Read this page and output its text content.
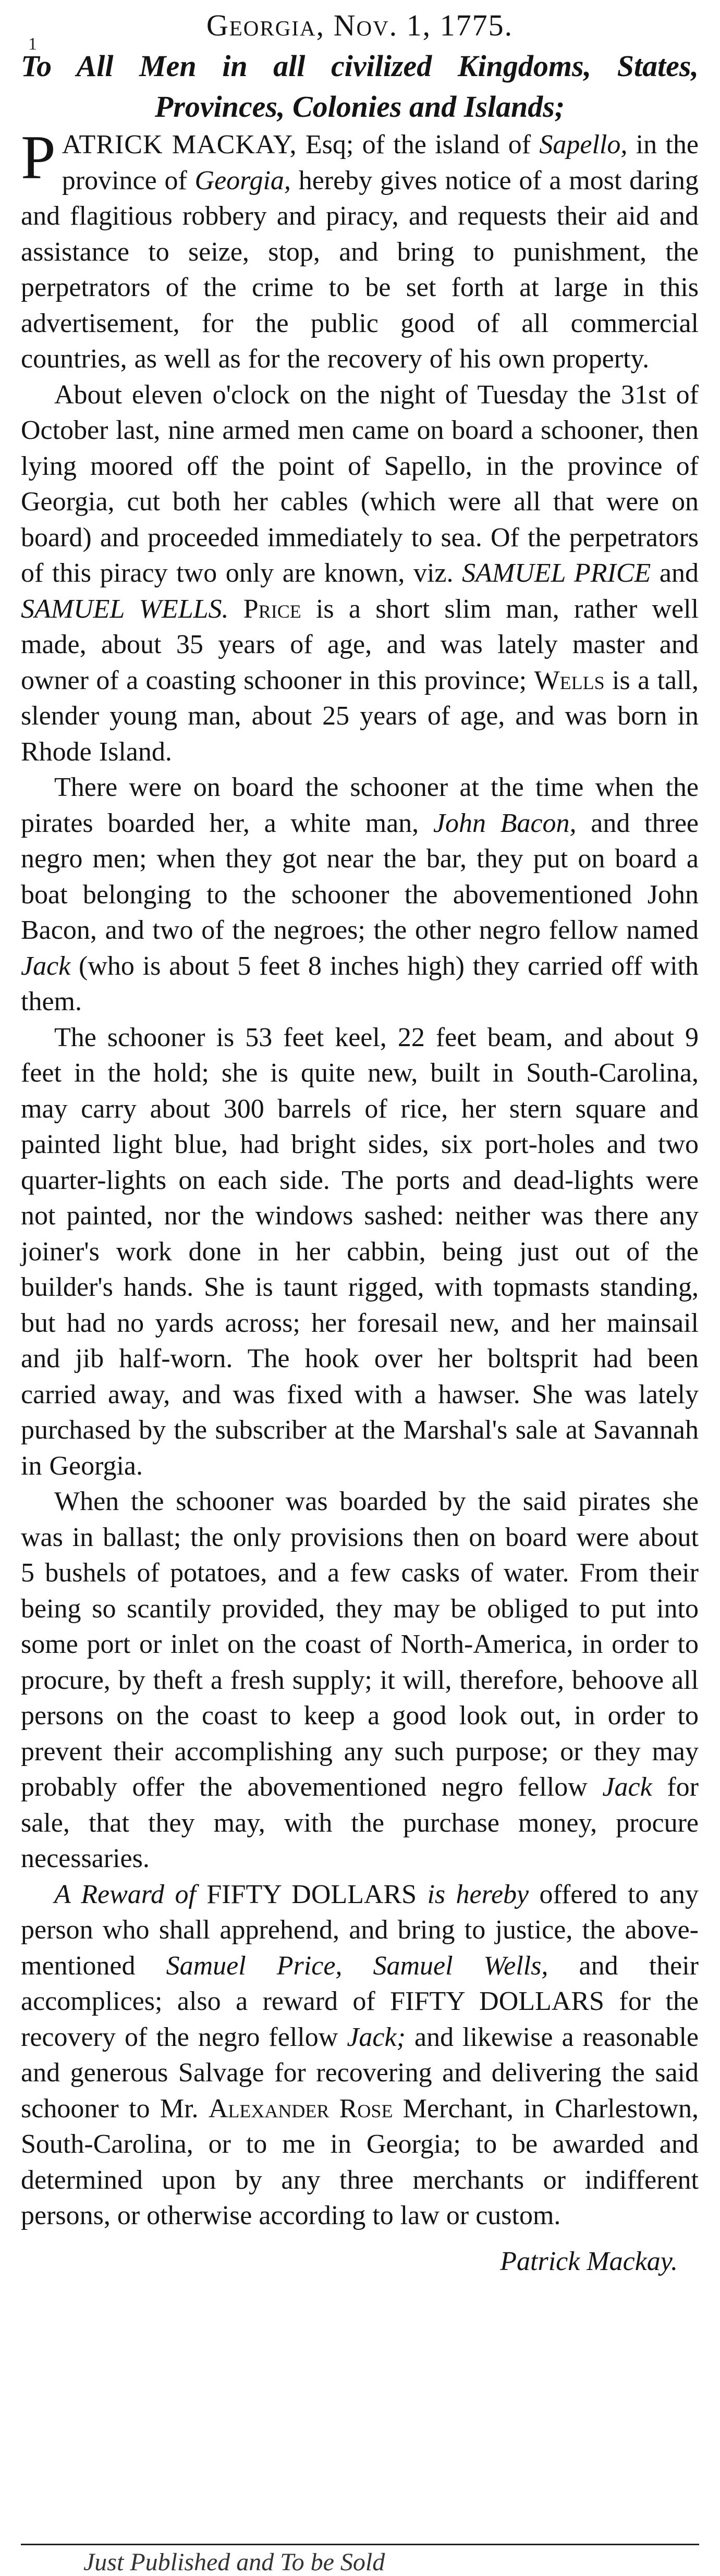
1

Georgia, Nov. 1, 1775.

To All Men in all civilized Kingdoms, States, Provinces, Colonies and Islands;

PATRICK MACKAY, Esq; of the island of Sapello, in the province of Georgia, hereby gives notice of a most daring and flagitious robbery and piracy, and requests their aid and assistance to seize, stop, and bring to punishment, the perpetrators of the crime to be set forth at large in this advertisement, for the public good of all commercial countries, as well as for the recovery of his own property.

About eleven o'clock on the night of Tuesday the 31st of October last, nine armed men came on board a schooner, then lying moored off the point of Sapello, in the province of Georgia, cut both her cables (which were all that were on board) and proceeded immediately to sea. Of the perpetrators of this piracy two only are known, viz. SAMUEL PRICE and SAMUEL WELLS. Price is a short slim man, rather well made, about 35 years of age, and was lately master and owner of a coasting schooner in this province; Wells is a tall, slender young man, about 25 years of age, and was born in Rhode Island.

There were on board the schooner at the time when the pirates boarded her, a white man, John Bacon, and three negro men; when they got near the bar, they put on board a boat belonging to the schooner the abovementioned John Bacon, and two of the negroes; the other negro fellow named Jack (who is about 5 feet 8 inches high) they carried off with them.

The schooner is 53 feet keel, 22 feet beam, and about 9 feet in the hold; she is quite new, built in South-Carolina, may carry about 300 barrels of rice, her stern square and painted light blue, had bright sides, six port-holes and two quarter-lights on each side. The ports and dead-lights were not painted, nor the windows sashed: neither was there any joiner's work done in her cabbin, being just out of the builder's hands. She is taunt rigged, with topmasts standing, but had no yards across; her foresail new, and her mainsail and jib half-worn. The hook over her boltsprit had been carried away, and was fixed with a hawser. She was lately purchased by the subscriber at the Marshal's sale at Savannah in Georgia.

When the schooner was boarded by the said pirates she was in ballast; the only provisions then on board were about 5 bushels of potatoes, and a few casks of water. From their being so scantily provided, they may be obliged to put into some port or inlet on the coast of North-America, in order to procure, by theft a fresh supply; it will, therefore, behoove all persons on the coast to keep a good look out, in order to prevent their accomplishing any such purpose; or they may probably offer the abovementioned negro fellow Jack for sale, that they may, with the purchase money, procure necessaries.

A Reward of FIFTY DOLLARS is hereby offered to any person who shall apprehend, and bring to justice, the above-mentioned Samuel Price, Samuel Wells, and their accomplices; also a reward of FIFTY DOLLARS for the recovery of the negro fellow Jack; and likewise a reasonable and generous Salvage for recovering and delivering the said schooner to Mr. Alexander Rose Merchant, in Charlestown, South-Carolina, or to me in Georgia; to be awarded and determined upon by any three merchants or indifferent persons, or otherwise according to law or custom.

Patrick Mackay.

Just Published and To be Sold
